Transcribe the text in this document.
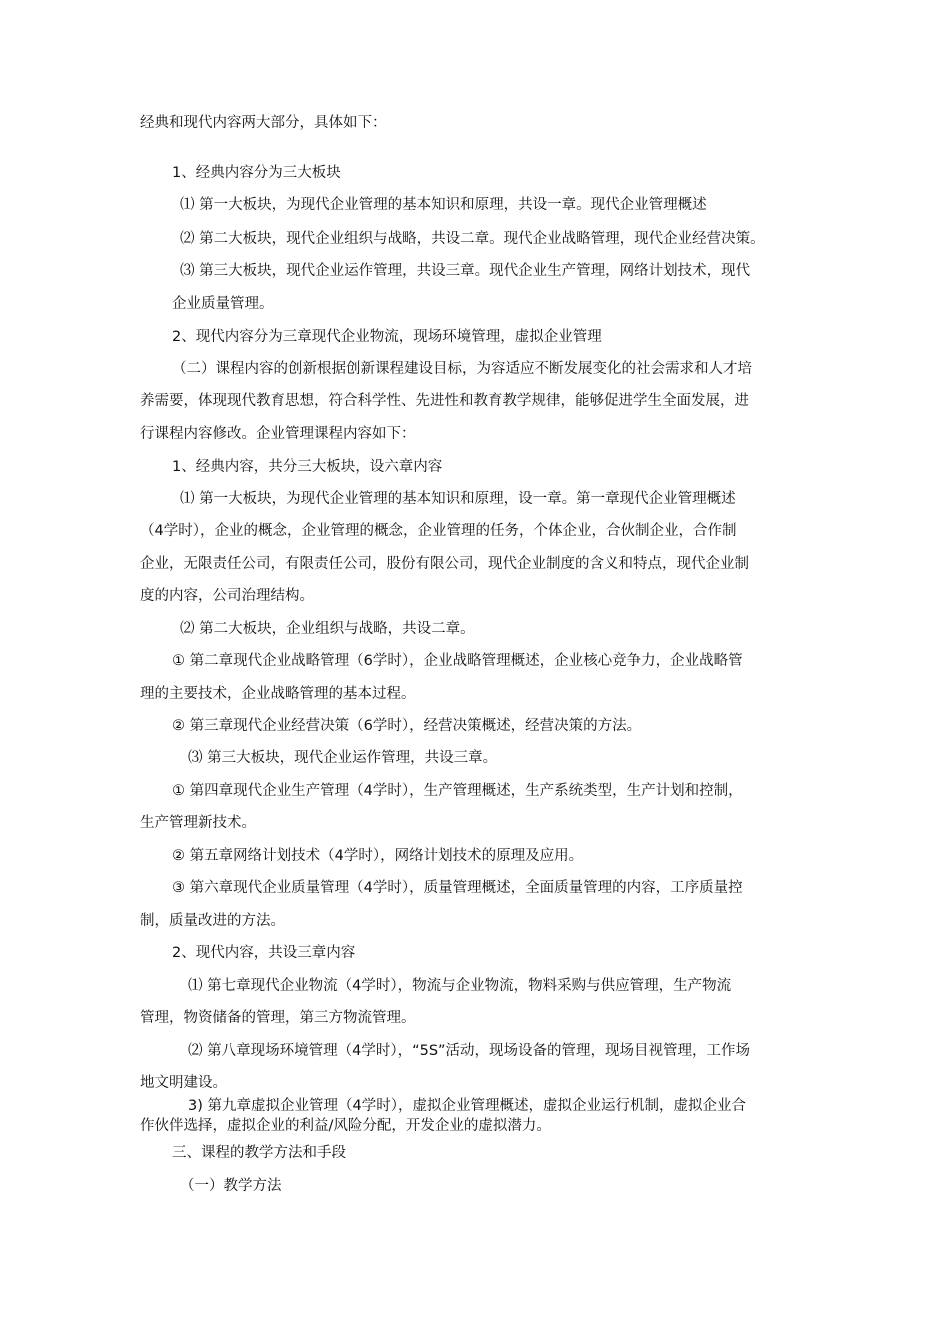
经典和现代内容两大部分，具体如下：

1、经典内容分为三大板块

⑴ 第一大板块，为现代企业管理的基本知识和原理，共设一章。现代企业管理概述

⑵ 第二大板块，现代企业组织与战略，共设二章。现代企业战略管理，现代企业经营决策。

⑶ 第三大板块，现代企业运作管理，共设三章。现代企业生产管理，网络计划技术，现代

企业质量管理。

2、现代内容分为三章现代企业物流，现场环境管理，虚拟企业管理

（二）课程内容的创新根据创新课程建设目标，为容适应不断发展变化的社会需求和人才培

养需要，体现现代教育思想，符合科学性、先进性和教育教学规律，能够促进学生全面发展，进

行课程内容修改。企业管理课程内容如下：

1、经典内容，共分三大板块，设六章内容

⑴ 第一大板块，为现代企业管理的基本知识和原理，设一章。第一章现代企业管理概述

（4学时），企业的概念，企业管理的概念，企业管理的任务，个体企业，合伙制企业，合作制

企业，无限责任公司，有限责任公司，股份有限公司，现代企业制度的含义和特点，现代企业制

度的内容，公司治理结构。

⑵ 第二大板块，企业组织与战略，共设二章。

① 第二章现代企业战略管理（6学时），企业战略管理概述，企业核心竞争力，企业战略管

理的主要技术，企业战略管理的基本过程。

② 第三章现代企业经营决策（6学时），经营决策概述，经营决策的方法。

⑶ 第三大板块，现代企业运作管理，共设三章。

① 第四章现代企业生产管理（4学时），生产管理概述，生产系统类型，生产计划和控制，

生产管理新技术。

② 第五章网络计划技术（4学时），网络计划技术的原理及应用。

③ 第六章现代企业质量管理（4学时），质量管理概述，全面质量管理的内容，工序质量控

制，质量改进的方法。

2、现代内容，共设三章内容

⑴ 第七章现代企业物流（4学时），物流与企业物流，物料采购与供应管理，生产物流

管理，物资储备的管理，第三方物流管理。

⑵ 第八章现场环境管理（4学时），“5S”活动，现场设备的管理，现场目视管理，工作场

地文明建设。

3) 第九章虚拟企业管理（4学时），虚拟企业管理概述，虚拟企业运行机制，虚拟企业合

作伙伴选择，虚拟企业的利益/风险分配，开发企业的虚拟潜力。

三、课程的教学方法和手段

（一）教学方法
